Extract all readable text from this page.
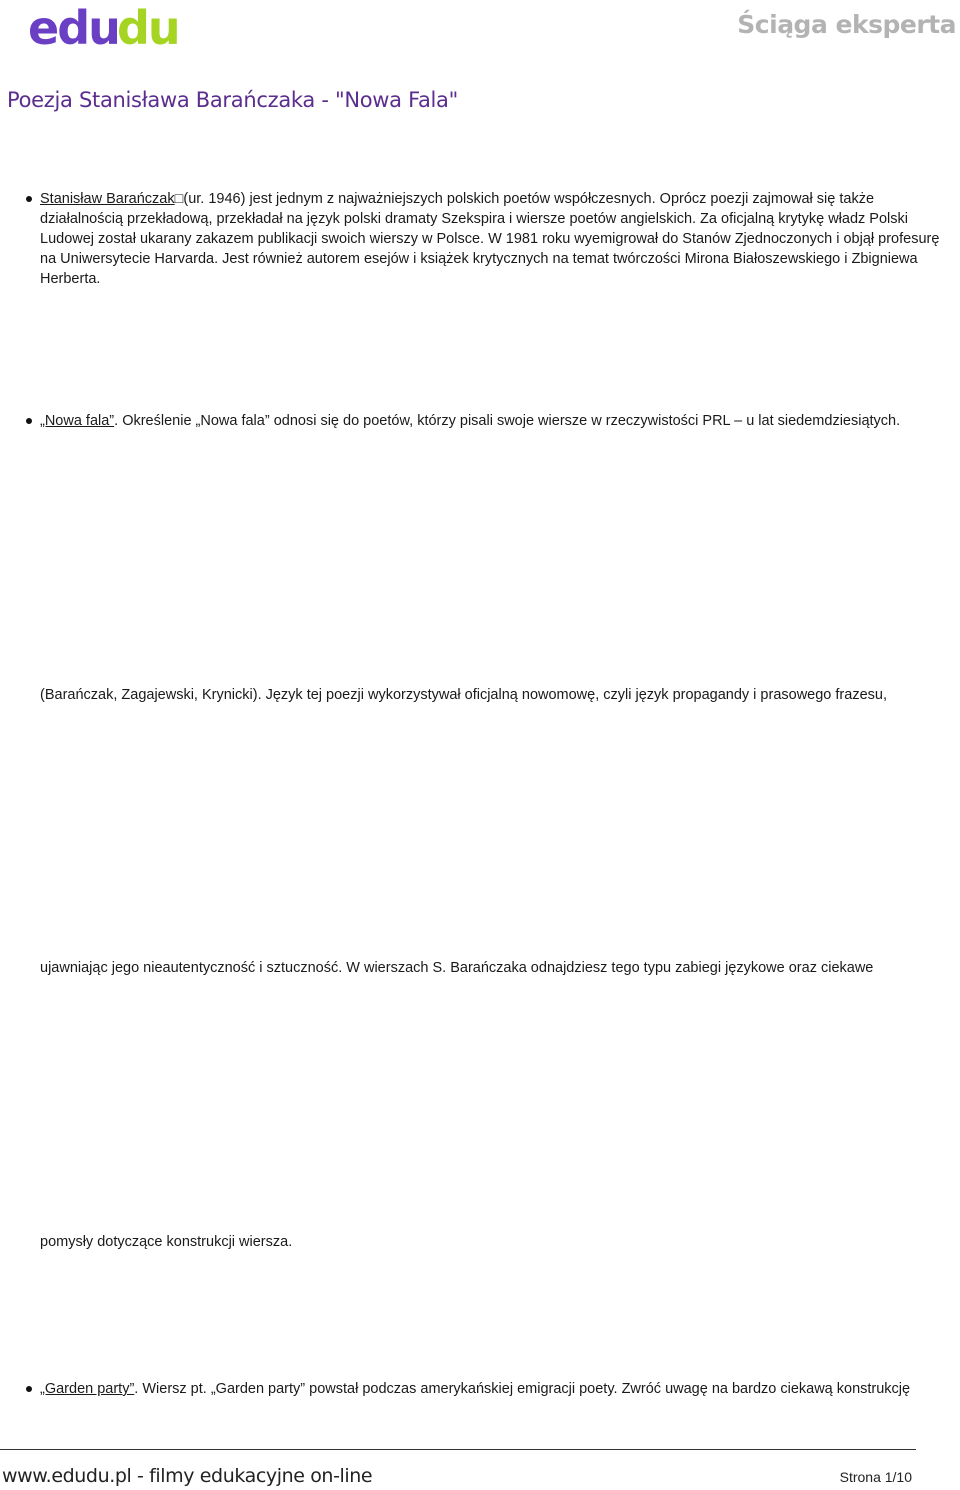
edu
du	Ściąga eksperta
Poezja Stanisława Barańczaka - "Nowa Fala"

Stanisław Barańczak□(ur. 1946) jest jednym z najważniejszych polskich poetów współczesnych. Oprócz poezji zajmował się także działalnością przekładową, przekładał na język polski dramaty Szekspira i wiersze poetów angielskich. Za oficjalną krytykę władz Polski Ludowej został ukarany zakazem publikacji swoich wierszy w Polsce. W 1981 roku wyemigrował do Stanów Zjednoczonych i objął profesurę na Uniwersytecie Harvarda. Jest również autorem esejów i książek krytycznych na temat twórczości Mirona Białoszewskiego i Zbigniewa Herberta.

„Nowa fala”. Określenie „Nowa fala” odnosi się do poetów, którzy pisali swoje wiersze w rzeczywistości PRL – u lat siedemdziesiątych.

(Barańczak, Zagajewski, Krynicki). Język tej poezji wykorzystywał oficjalną nowomowę, czyli język propagandy i prasowego frazesu,

ujawniając jego nieautentyczność i sztuczność. W wierszach S. Barańczaka odnajdziesz tego typu zabiegi językowe oraz ciekawe

pomysły dotyczące konstrukcji wiersza.

„Garden party”. Wiersz pt. „Garden party” powstał podczas amerykańskiej emigracji poety. Zwróć uwagę na bardzo ciekawą konstrukcję

www.edudu.pl - filmy edukacyjne on-line	Strona 1/10
